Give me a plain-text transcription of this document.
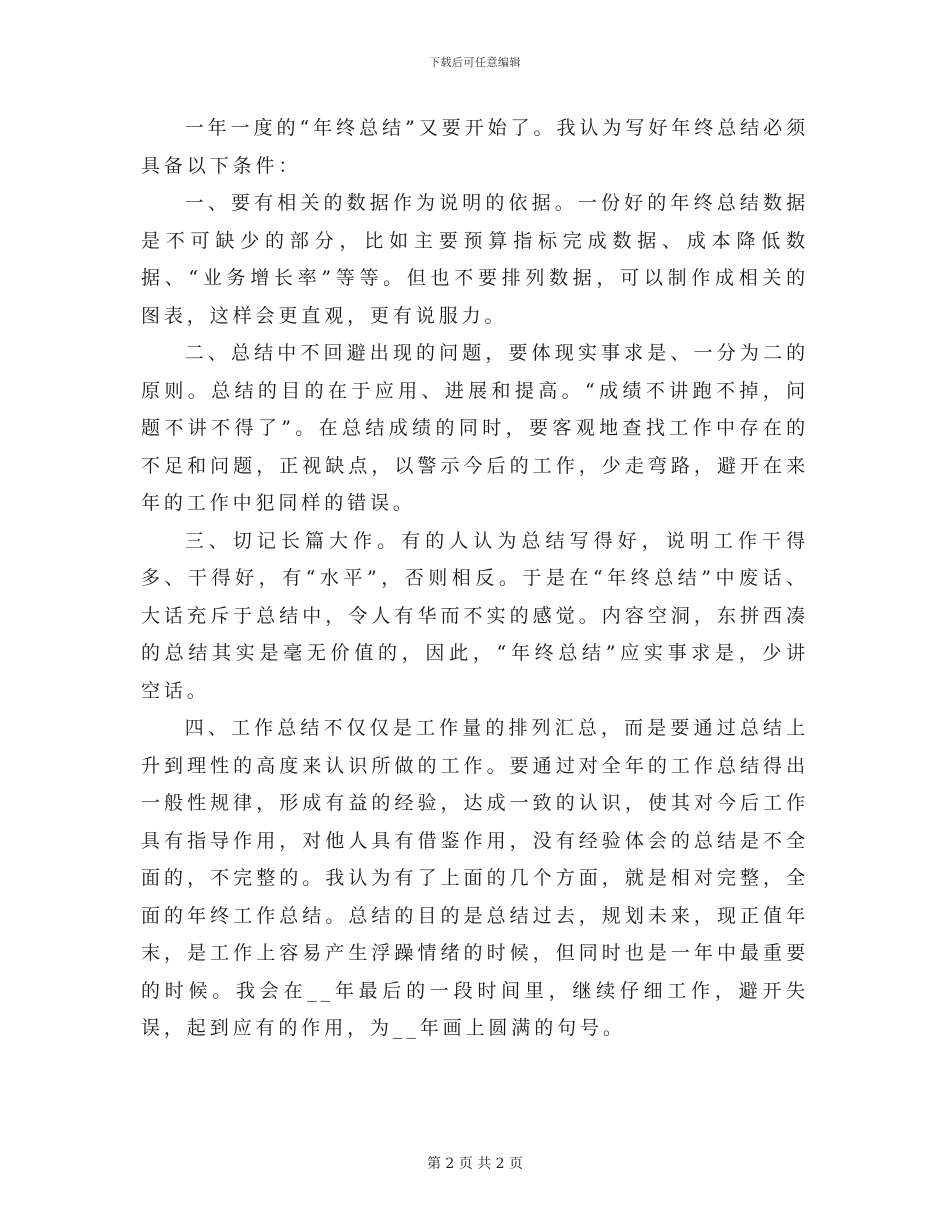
下载后可任意编辑

一年一度的“年终总结”又要开始了。我认为写好年终总结必须具备以下条件：

一、要有相关的数据作为说明的依据。一份好的年终总结数据是不可缺少的部分，比如主要预算指标完成数据、成本降低数据、“业务增长率”等等。但也不要排列数据，可以制作成相关的图表，这样会更直观，更有说服力。

二、总结中不回避出现的问题，要体现实事求是、一分为二的原则。总结的目的在于应用、进展和提高。“成绩不讲跑不掉，问题不讲不得了”。在总结成绩的同时，要客观地查找工作中存在的不足和问题，正视缺点，以警示今后的工作，少走弯路，避开在来年的工作中犯同样的错误。

三、切记长篇大作。有的人认为总结写得好，说明工作干得多、干得好，有“水平”，否则相反。于是在“年终总结”中废话、大话充斥于总结中，令人有华而不实的感觉。内容空洞，东拼西凑的总结其实是毫无价值的，因此，“年终总结”应实事求是，少讲空话。

四、工作总结不仅仅是工作量的排列汇总，而是要通过总结上升到理性的高度来认识所做的工作。要通过对全年的工作总结得出一般性规律，形成有益的经验，达成一致的认识，使其对今后工作具有指导作用，对他人具有借鉴作用，没有经验体会的总结是不全面的，不完整的。我认为有了上面的几个方面，就是相对完整，全面的年终工作总结。总结的目的是总结过去，规划未来，现正值年末，是工作上容易产生浮躁情绪的时候，但同时也是一年中最重要的时候。我会在__年最后的一段时间里，继续仔细工作，避开失误，起到应有的作用，为__年画上圆满的句号。

第 2 页 共 2 页
